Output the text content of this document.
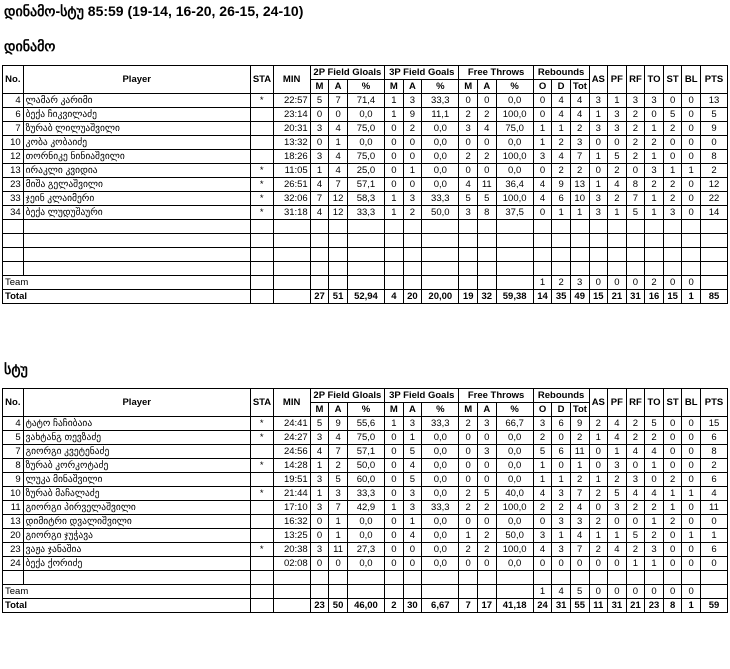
დინამო-სტუ 85:59 (19-14, 16-20, 26-15, 24-10)
დინამო
No.	Player	STA	MIN	2P Field Gloals			3P Field Goals			Free Throws			Rebounds			AS	PF	RF	TO	ST	BL	PTS
				M	A	%	M	A	%	M	A	%	O	D	Tot							
4	ლამარ კარიმი	*	22:57	5	7	71,4	1	3	33,3	0	0	0,0	0	4	4	3	1	3	3	0	0	13
6	ბექა ჩიკვილაძე		23:14	0	0	0,0	1	9	11,1	2	2	100,0	0	4	4	1	3	2	0	5	0	5
7	ზურაბ ლილუაშვილი		20:31	3	4	75,0	0	2	0,0	3	4	75,0	1	1	2	3	3	2	1	2	0	9
10	კობა კობაიძე		13:32	0	1	0,0	0	0	0,0	0	0	0,0	1	2	3	0	0	2	2	0	0	0
12	თორნიკე ნინიაშვილი		18:26	3	4	75,0	0	0	0,0	2	2	100,0	3	4	7	1	5	2	1	0	0	8
13	ირაკლი კვიდია	*	11:05	1	4	25,0	0	1	0,0	0	0	0,0	0	2	2	0	2	0	3	1	1	2
23	მიშა გელაშვილი	*	26:51	4	7	57,1	0	0	0,0	4	11	36,4	4	9	13	1	4	8	2	2	0	12
33	ჯეინ კლაიმერი	*	32:06	7	12	58,3	1	3	33,3	5	5	100,0	4	6	10	3	2	7	1	2	0	22
34	ბექა ლუდუშაური	*	31:18	4	12	33,3	1	2	50,0	3	8	37,5	0	1	1	3	1	5	1	3	0	14

Team													1	2	3	0	0	0	2	0	0	
Total				27	51	52,94	4	20	20,00	19	32	59,38	14	35	49	15	21	31	16	15	1	85
სტუ
No.	Player	STA	MIN	2P Field Gloals			3P Field Goals			Free Throws			Rebounds			AS	PF	RF	TO	ST	BL	PTS
				M	A	%	M	A	%	M	A	%	O	D	Tot							
4	ტატო ჩაჩიბაია	*	24:41	5	9	55,6	1	3	33,3	2	3	66,7	3	6	9	2	4	2	5	0	0	15
5	ვახტანგ თევზაძე	*	24:27	3	4	75,0	0	1	0,0	0	0	0,0	2	0	2	1	4	2	2	0	0	6
7	გიორგი კვეტენაძე		24:56	4	7	57,1	0	5	0,0	0	3	0,0	5	6	11	0	1	4	4	0	0	8
8	ზურაბ კორკოტაძე	*	14:28	1	2	50,0	0	4	0,0	0	0	0,0	1	0	1	0	3	0	1	0	0	2
9	ლუკა მინაშვილი		19:51	3	5	60,0	0	5	0,0	0	0	0,0	1	1	2	1	2	3	0	2	0	6
10	ზურაბ მაჩალაძე	*	21:44	1	3	33,3	0	3	0,0	2	5	40,0	4	3	7	2	5	4	4	1	1	4
11	გიორგი პირველაშვილი		17:10	3	7	42,9	1	3	33,3	2	2	100,0	2	2	4	0	3	2	2	1	0	11
13	დიმიტრი დვალიშვილი		16:32	0	1	0,0	0	1	0,0	0	0	0,0	0	3	3	2	0	0	1	2	0	0
20	გიორგი ჯუჭავა		13:25	0	1	0,0	0	4	0,0	1	2	50,0	3	1	4	1	1	5	2	0	1	1
23	ვაჟა ჯანაშია	*	20:38	3	11	27,3	0	0	0,0	2	2	100,0	4	3	7	2	4	2	3	0	0	6
24	ბექა ქორიძე		02:08	0	0	0,0	0	0	0,0	0	0	0,0	0	0	0	0	0	1	1	0	0	0

Team													1	4	5	0	0	0	0	0	0	
Total				23	50	46,00	2	30	6,67	7	17	41,18	24	31	55	11	31	21	23	8	1	59
